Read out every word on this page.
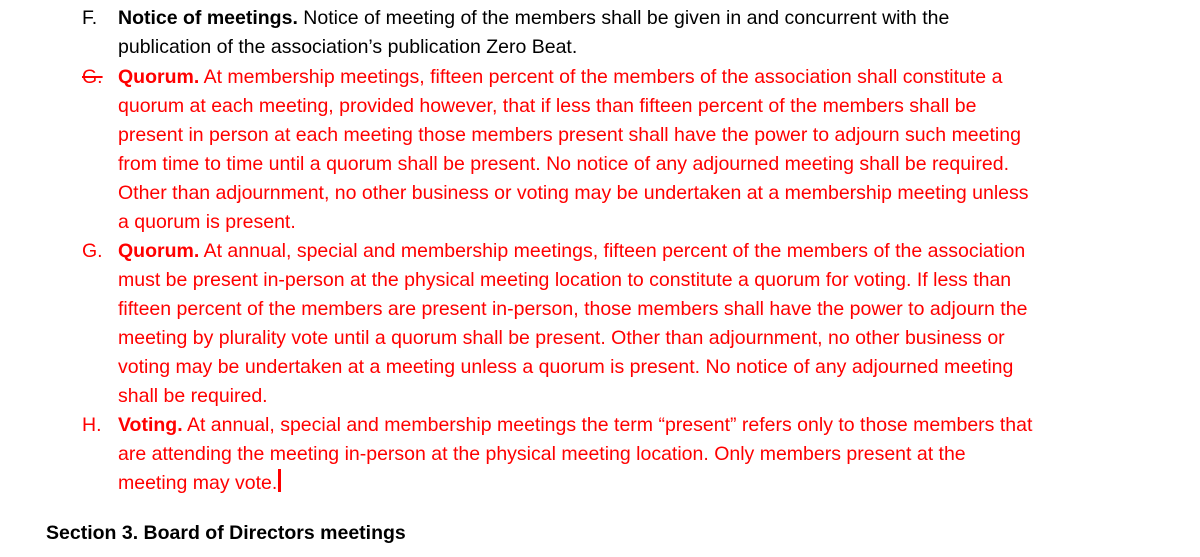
F.	Notice of meetings. Notice of meeting of the members shall be given in and concurrent with the
publication of the association’s publication Zero Beat.
G. Quorum. At membership meetings, fifteen percent of the members of the association shall constitute a
quorum at each meeting, provided however, that if less than fifteen percent of the members shall be
present in person at each meeting those members present shall have the power to adjourn such meeting
from time to time until a quorum shall be present. No notice of any adjourned meeting shall be required.
Other than adjournment, no other business or voting may be undertaken at a membership meeting unless
a quorum is present.
G. Quorum. At annual, special and membership meetings, fifteen percent of the members of the association
must be present in-person at the physical meeting location to constitute a quorum for voting. If less than
fifteen percent of the members are present in-person, those members shall have the power to adjourn the
meeting by plurality vote until a quorum shall be present. Other than adjournment, no other business or
voting may be undertaken at a meeting unless a quorum is present. No notice of any adjourned meeting
shall be required.
H. Voting. At annual, special and membership meetings the term “present” refers only to those members that
are attending the meeting in-person at the physical meeting location. Only members present at the
meeting may vote.
Section 3. Board of Directors meetings
